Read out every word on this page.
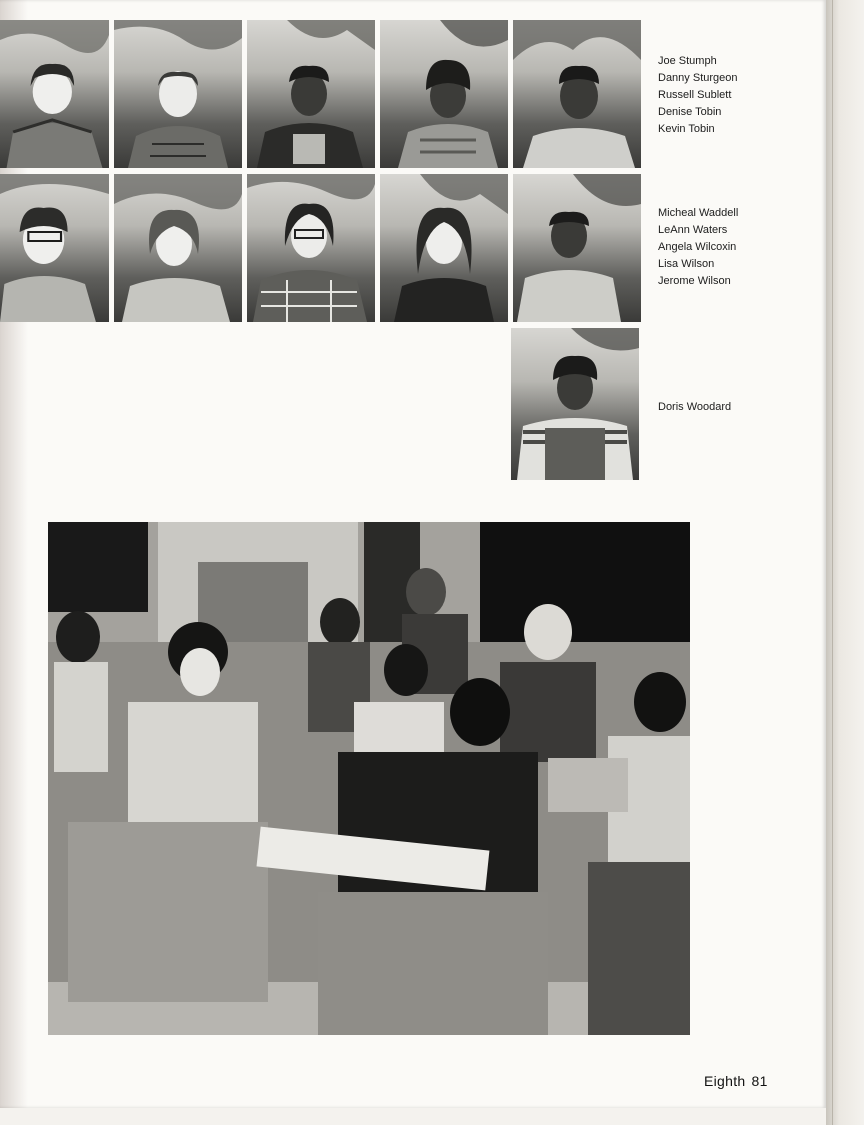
Joe Stumph
Danny Sturgeon
Russell Sublett
Denise Tobin
Kevin Tobin
Micheal Waddell
LeAnn Waters
Angela Wilcoxin
Lisa Wilson
Jerome Wilson
Doris Woodard
Eighth 81
